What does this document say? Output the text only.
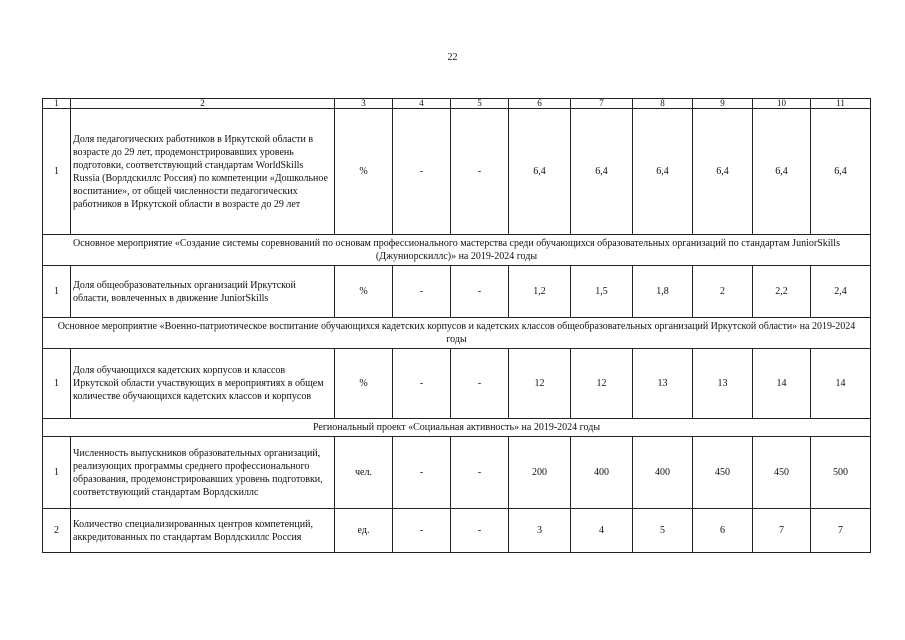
22
1	2	3	4	5	6	7	8	9	10	11
1	Доля педагогических работников в Иркутской области в возрасте до 29 лет, продемонстрировавших уровень подготовки, соответствующий стандартам WorldSkills Russia (Ворлдскиллс Россия) по компетенции «Дошкольное воспитание», от общей численности педагогических работников в Иркутской области в возрасте до 29 лет	%	-	-	6,4	6,4	6,4	6,4	6,4	6,4
Основное мероприятие «Создание системы соревнований по основам профессионального мастерства среди обучающихся образовательных организаций по стандартам JuniorSkills (Джуниорскиллс)» на 2019-2024 годы										
1	Доля общеобразовательных организаций Иркутской области, вовлеченных в движение JuniorSkills	%	-	-	1,2	1,5	1,8	2	2,2	2,4
Основное мероприятие «Военно-патриотическое воспитание обучающихся кадетских корпусов и кадетских классов общеобразовательных организаций Иркутской области» на 2019-2024 годы										
1	Доля обучающихся кадетских корпусов и классов Иркутской области участвующих в мероприятиях в общем количестве обучающихся кадетских классов и корпусов	%	-	-	12	12	13	13	14	14
Региональный проект «Социальная активность» на 2019-2024 годы										
1	Численность выпускников образовательных организаций, реализующих программы среднего профессионального образования, продемонстрировавших уровень подготовки, соответствующий стандартам Ворлдскиллс	чел.	-	-	200	400	400	450	450	500
2	Количество специализированных центров компетенций, аккредитованных по стандартам Ворлдскиллс Россия	ед.	-	-	3	4	5	6	7	7
